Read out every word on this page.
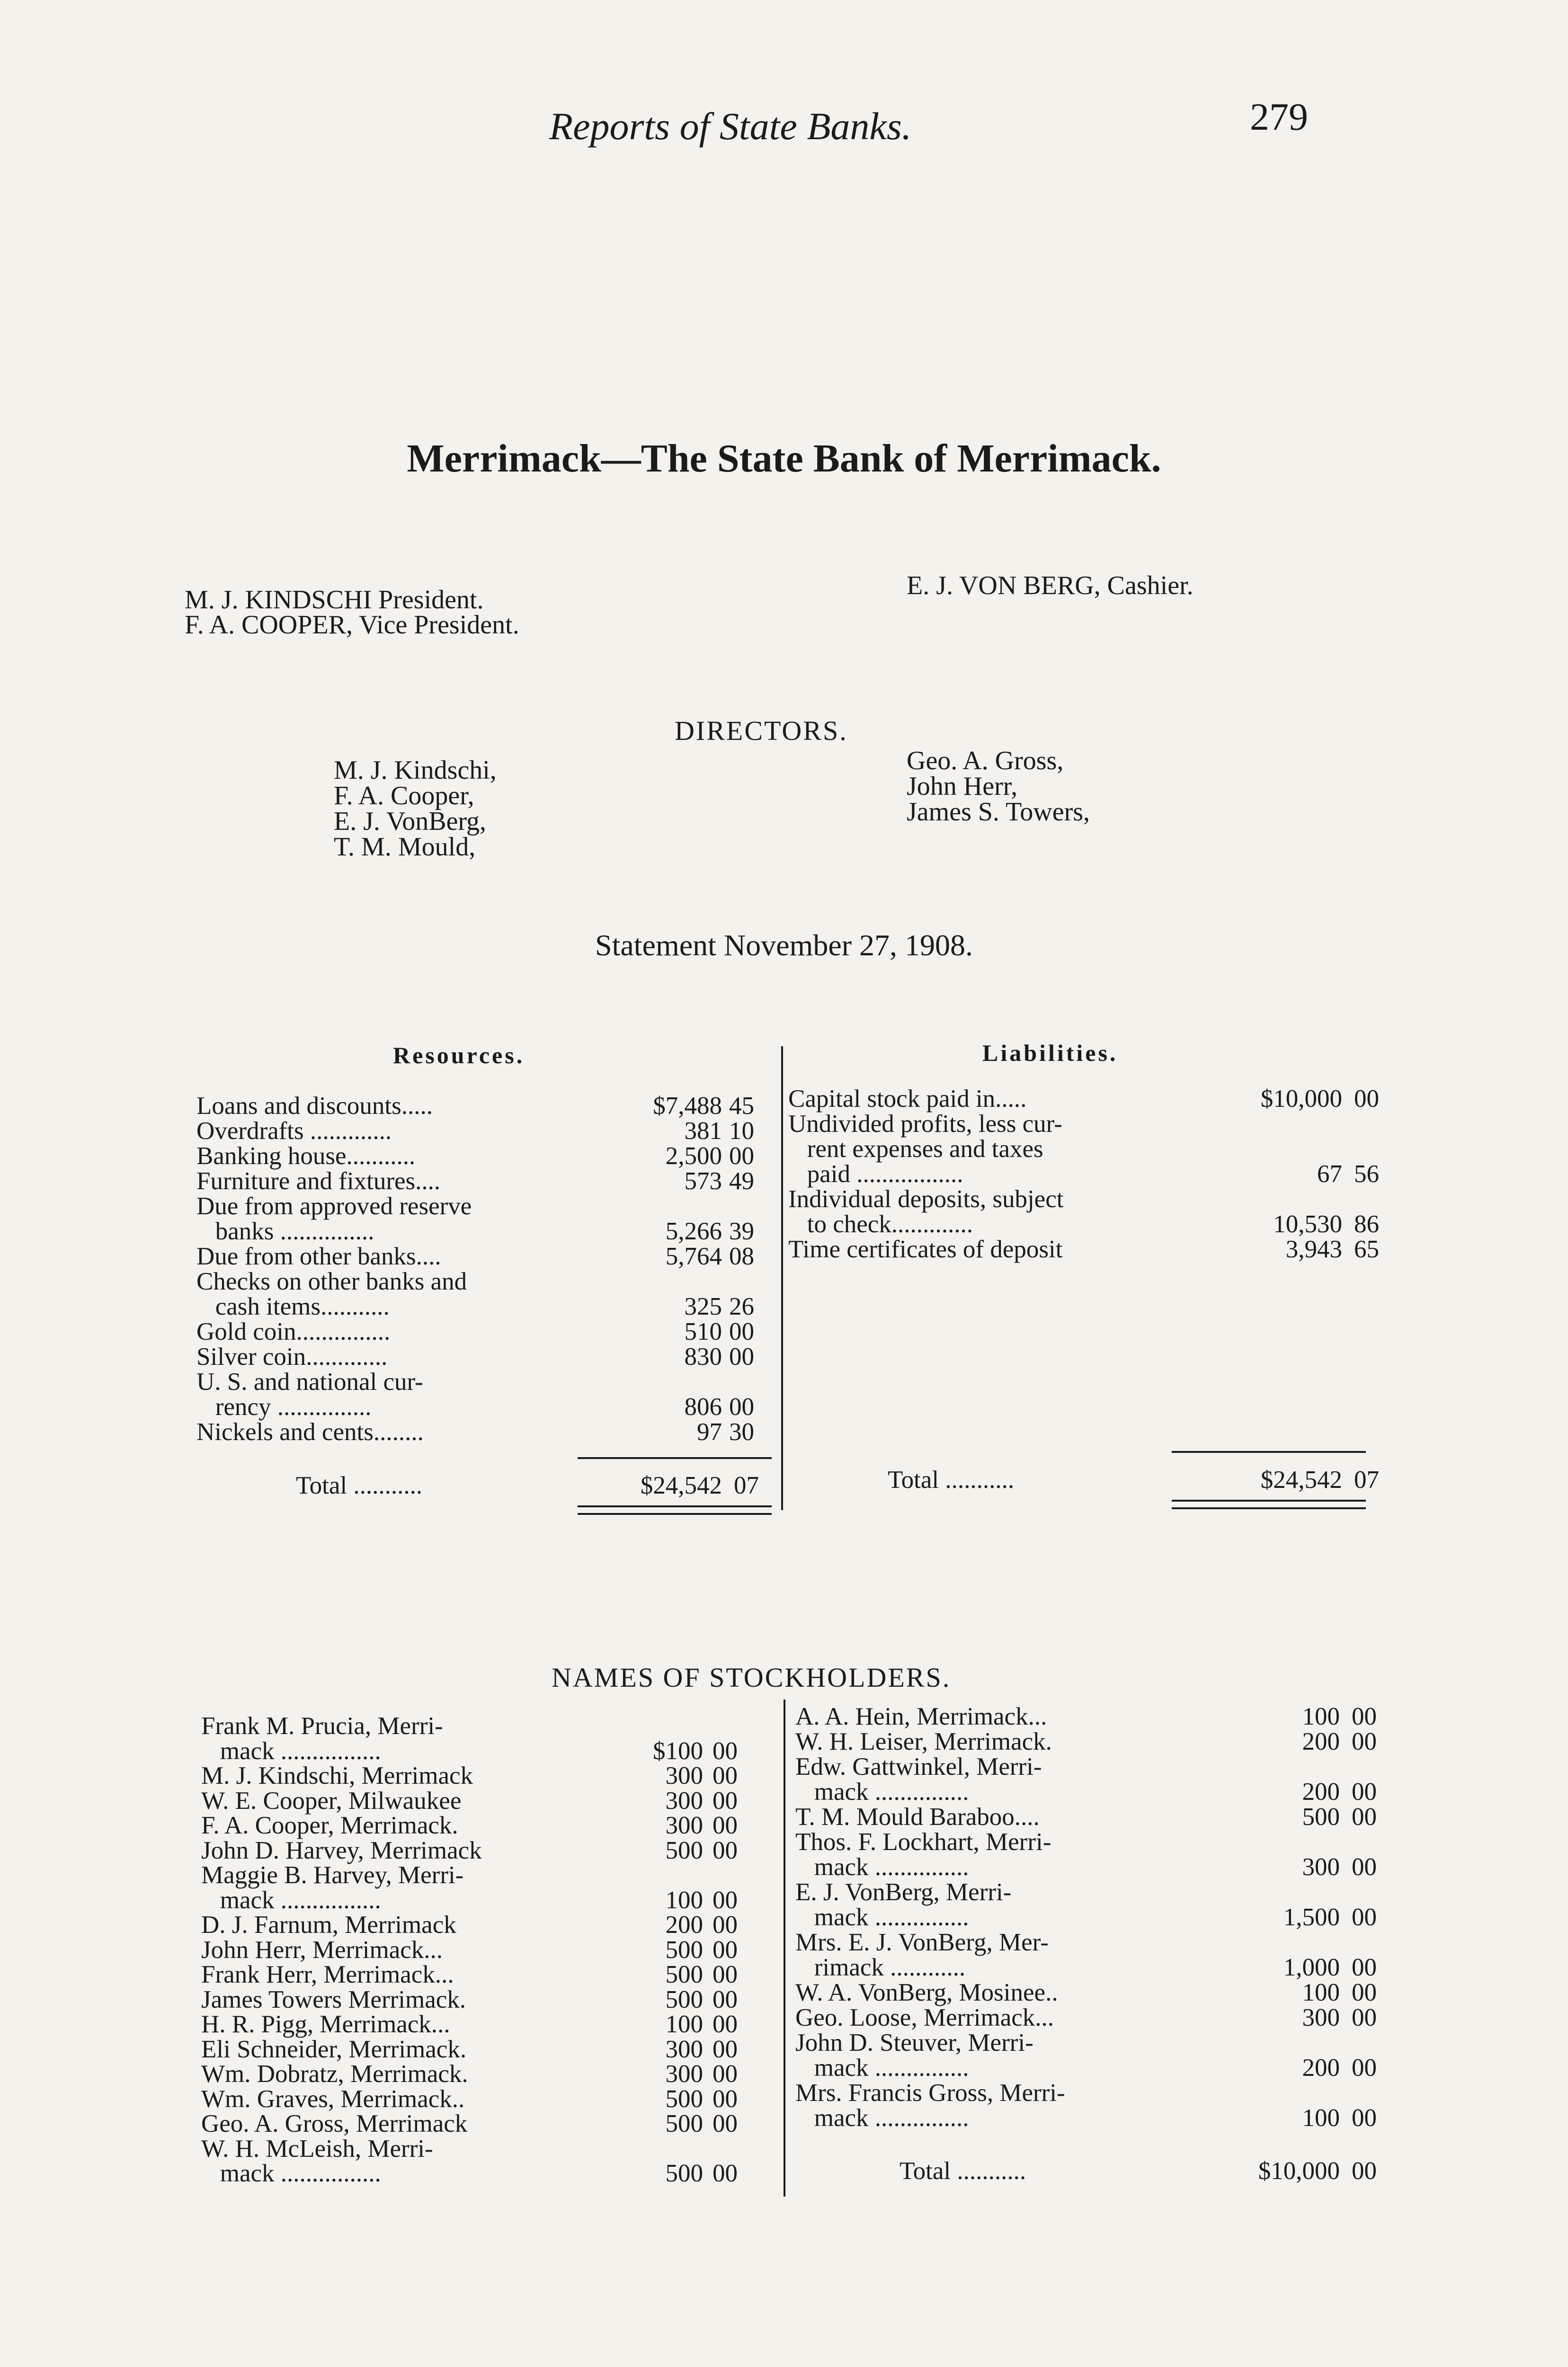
Reports of State Banks.	279
Merrimack—The State Bank of Merrimack.
M. J. KINDSCHI President.
F. A. COOPER, Vice President.
E. J. VON BERG, Cashier.
DIRECTORS.
M. J. Kindschi,
F. A. Cooper,
E. J. VonBerg,
T. M. Mould,
Geo. A. Gross,
John Herr,
James S. Towers,
Statement November 27, 1908.
Resources.	Liabilities.
Loans and discounts.....	$7,488 45
Overdrafts .............	381 10
Banking house...........	2,500 00
Furniture and fixtures....	573 49
Due from approved reserve
banks ...............	5,266 39
Due from other banks....	5,764 08
Checks on other banks and
cash items...........	325 26
Gold coin...............	510 00
Silver coin.............	830 00
U. S. and national cur-
rency ...............	806 00
Nickels and cents........	97 30
Capital stock paid in.....	$10,000 00
Undivided profits, less cur-
rent expenses and taxes
paid .................	67 56
Individual deposits, subject
to check.............	10,530 86
Time certificates of deposit	3,943 65
Total ...........	$24,542 07	Total ...........	$24,542 07
NAMES OF STOCKHOLDERS.
Frank M. Prucia, Merri-
mack ................	$100 00
M. J. Kindschi, Merrimack	300 00
W. E. Cooper, Milwaukee	300 00
F. A. Cooper, Merrimack.	300 00
John D. Harvey, Merrimack	500 00
Maggie B. Harvey, Merri-
mack ................	100 00
D. J. Farnum, Merrimack	200 00
John Herr, Merrimack...	500 00
Frank Herr, Merrimack...	500 00
James Towers Merrimack.	500 00
H. R. Pigg, Merrimack...	100 00
Eli Schneider, Merrimack.	300 00
Wm. Dobratz, Merrimack.	300 00
Wm. Graves, Merrimack..	500 00
Geo. A. Gross, Merrimack	500 00
W. H. McLeish, Merri-
mack ................	500 00
A. A. Hein, Merrimack...	100 00
W. H. Leiser, Merrimack.	200 00
Edw. Gattwinkel, Merri-
mack ...............	200 00
T. M. Mould Baraboo....	500 00
Thos. F. Lockhart, Merri-
mack ...............	300 00
E. J. VonBerg, Merri-
mack ...............	1,500 00
Mrs. E. J. VonBerg, Mer-
rimack ............	1,000 00
W. A. VonBerg, Mosinee..	100 00
Geo. Loose, Merrimack...	300 00
John D. Steuver, Merri-
mack ...............	200 00
Mrs. Francis Gross, Merri-
mack ...............	100 00
Total ...........	$10,000 00
